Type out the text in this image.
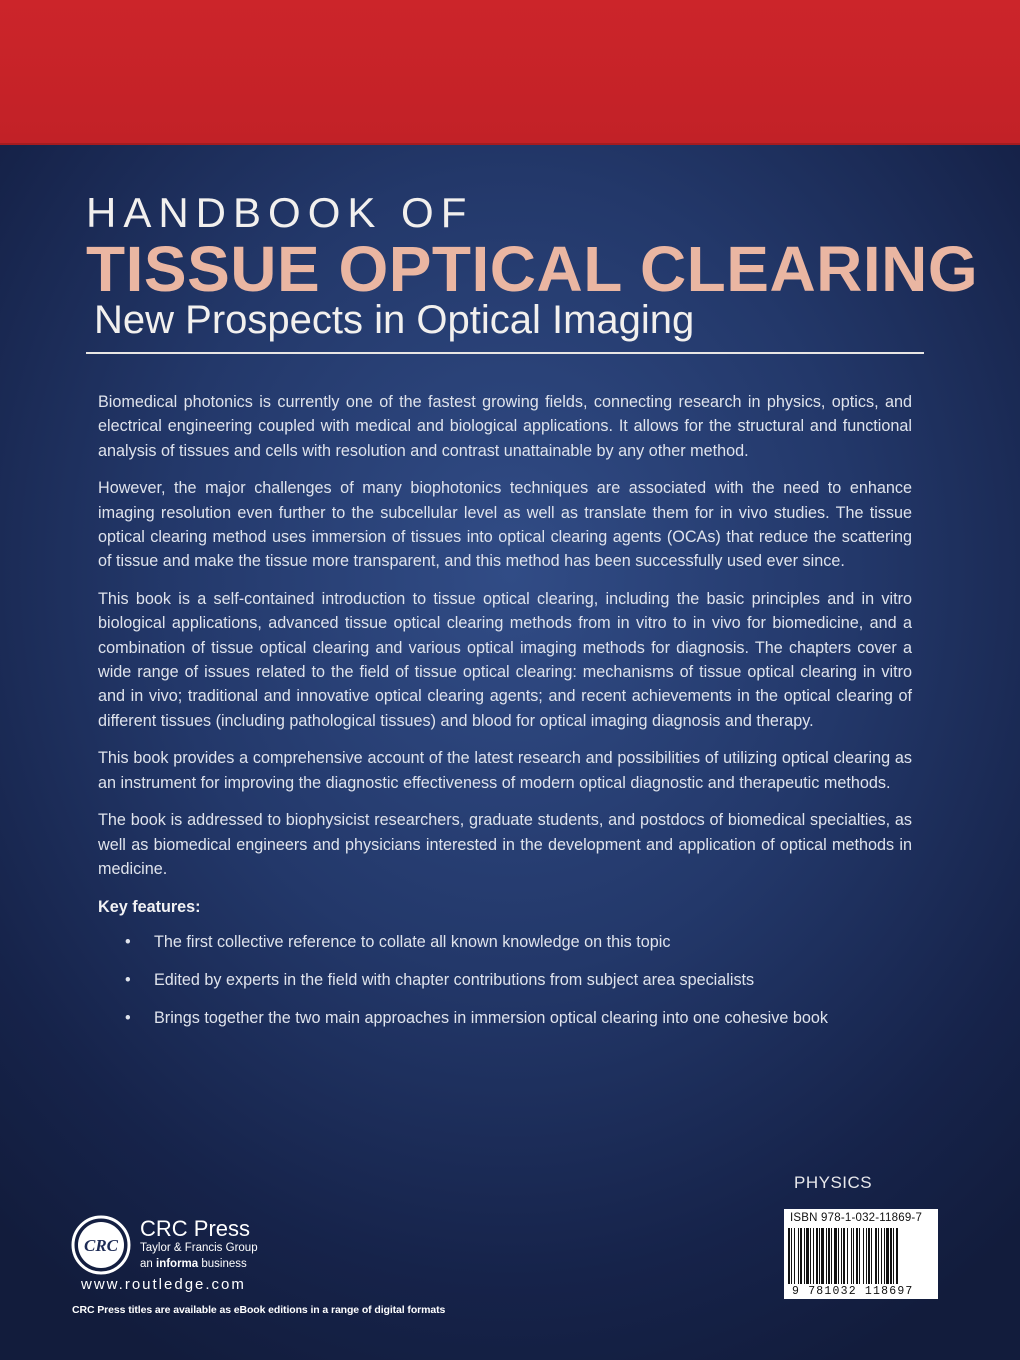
HANDBOOK OF
TISSUE OPTICAL CLEARING
New Prospects in Optical Imaging

Biomedical photonics is currently one of the fastest growing fields, connecting research in physics, optics, and electrical engineering coupled with medical and biological applications. It allows for the structural and functional analysis of tissues and cells with resolution and contrast unattainable by any other method.

However, the major challenges of many biophotonics techniques are associated with the need to enhance imaging resolution even further to the subcellular level as well as translate them for in vivo studies. The tissue optical clearing method uses immersion of tissues into optical clearing agents (OCAs) that reduce the scattering of tissue and make the tissue more transparent, and this method has been successfully used ever since.

This book is a self-contained introduction to tissue optical clearing, including the basic principles and in vitro biological applications, advanced tissue optical clearing methods from in vitro to in vivo for biomedicine, and a combination of tissue optical clearing and various optical imaging methods for diagnosis. The chapters cover a wide range of issues related to the field of tissue optical clearing: mechanisms of tissue optical clearing in vitro and in vivo; traditional and innovative optical clearing agents; and recent achievements in the optical clearing of different tissues (including pathological tissues) and blood for optical imaging diagnosis and therapy.

This book provides a comprehensive account of the latest research and possibilities of utilizing optical clearing as an instrument for improving the diagnostic effectiveness of modern optical diagnostic and therapeutic methods.

The book is addressed to biophysicist researchers, graduate students, and postdocs of biomedical specialties, as well as biomedical engineers and physicians interested in the development and application of optical methods in medicine.

Key features:
• The first collective reference to collate all known knowledge on this topic
• Edited by experts in the field with chapter contributions from subject area specialists
• Brings together the two main approaches in immersion optical clearing into one cohesive book
PHYSICS
ISBN 978-1-032-11869-7
9 781032 118697
CRC
CRC Press
Taylor & Francis Group
an informa business
www.routledge.com
CRC Press titles are available as eBook editions in a range of digital formats
